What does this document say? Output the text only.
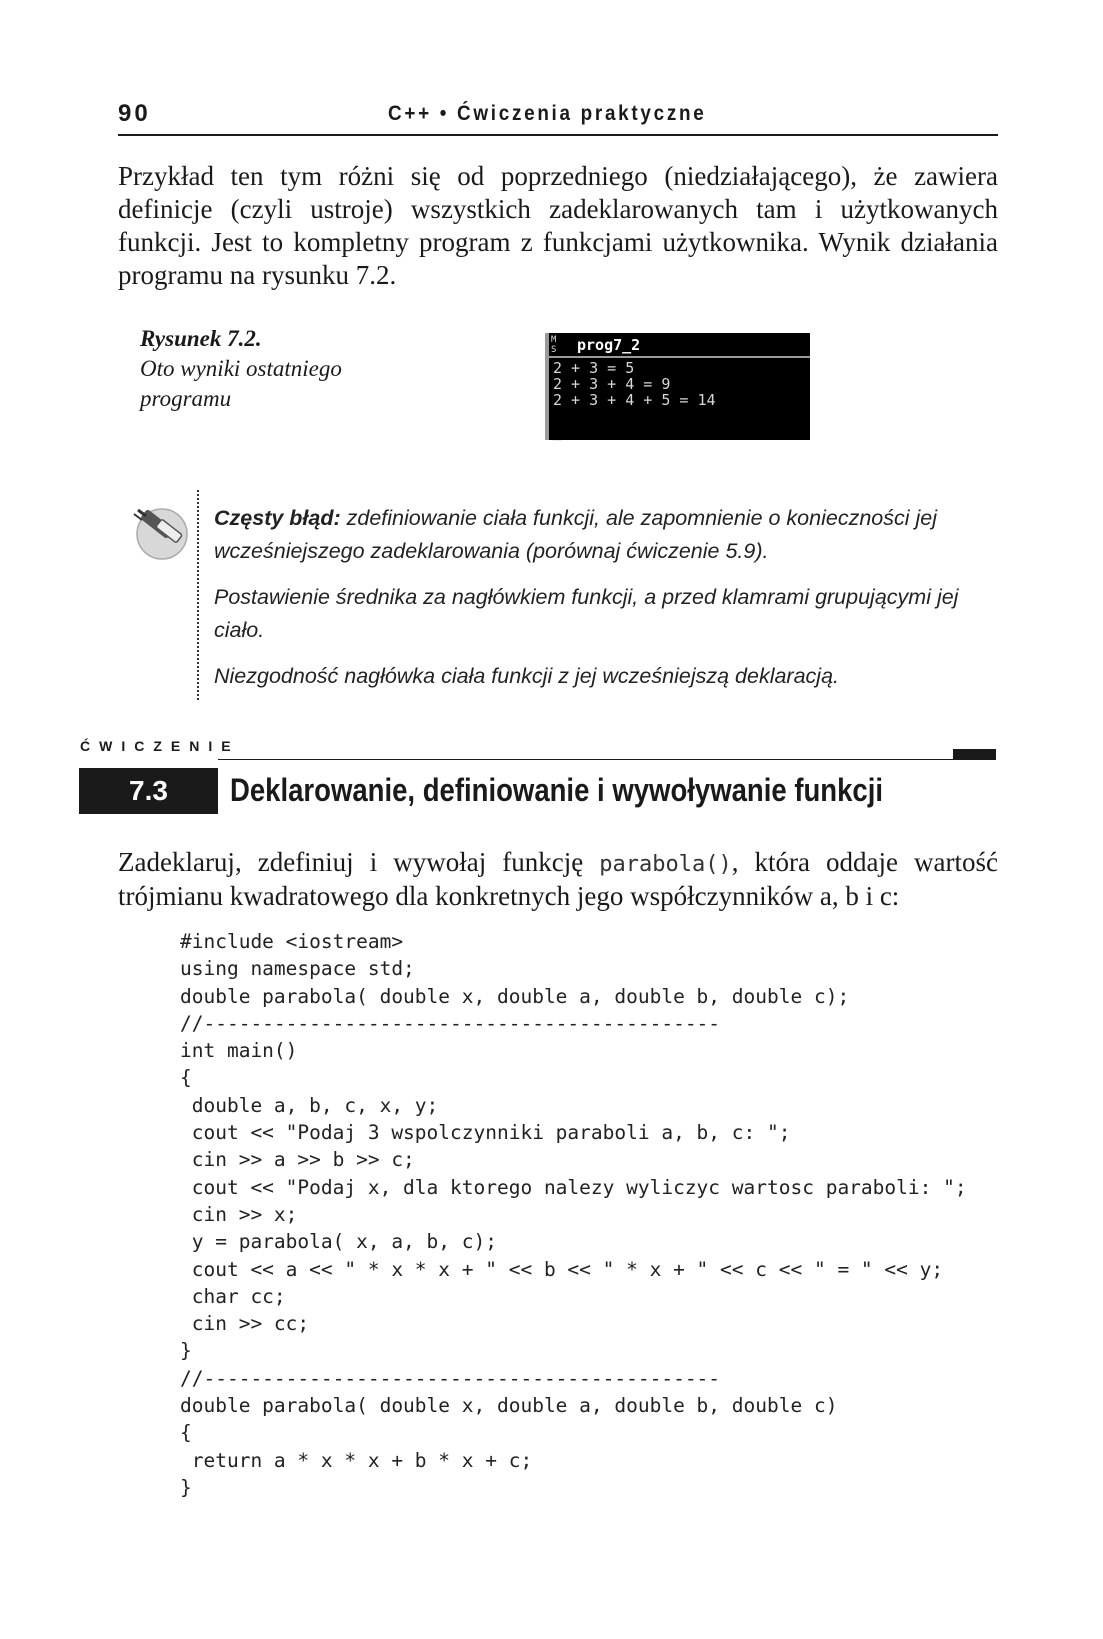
90	C++ • Ćwiczenia praktyczne

Przykład ten tym różni się od poprzedniego (niedziałającego), że zawiera definicje (czyli ustroje) wszystkich zadeklarowanych tam i użytkowanych funkcji. Jest to kompletny program z funkcjami użytkownika. Wynik działania programu na rysunku 7.2.

Rysunek 7.2.
Oto wyniki ostatniego programu
M
S prog7_2
2 + 3 = 5
2 + 3 + 4 = 9
2 + 3 + 4 + 5 = 14

_

Częsty błąd: zdefiniowanie ciała funkcji, ale zapomnienie o konieczności jej wcześniejszego zadeklarowania (porównaj ćwiczenie 5.9).

Postawienie średnika za nagłówkiem funkcji, a przed klamrami grupującymi jej ciało.

Niezgodność nagłówka ciała funkcji z jej wcześniejszą deklaracją.

ĆWICZENIE
7.3	Deklarowanie, definiowanie i wywoływanie funkcji

Zadeklaruj, zdefiniuj i wywołaj funkcję parabola(), która oddaje wartość trójmianu kwadratowego dla konkretnych jego współczynników a, b i c:

#include <iostream>
using namespace std;
double parabola( double x, double a, double b, double c);
//--------------------------------------------
int main()
{
double a, b, c, x, y;
cout << "Podaj 3 wspolczynniki paraboli a, b, c: ";
cin >> a >> b >> c;
cout << "Podaj x, dla ktorego nalezy wyliczyc wartosc paraboli: ";
cin >> x;
y = parabola( x, a, b, c);
cout << a << " * x * x + " << b << " * x + " << c << " = " << y;
char cc;
cin >> cc;
}
//--------------------------------------------
double parabola( double x, double a, double b, double c)
{
return a * x * x + b * x + c;
}
